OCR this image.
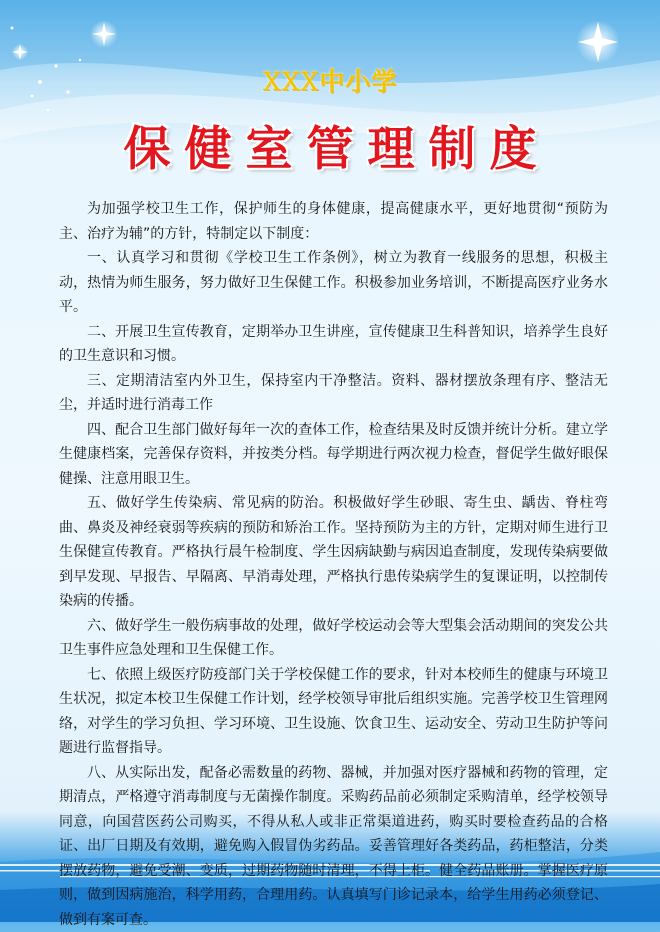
XXX中小学
保健室管理制度

为加强学校卫生工作，保护师生的身体健康，提高健康水平，更好地贯彻“预防为主、治疗为辅”的方针，特制定以下制度：

一、认真学习和贯彻《学校卫生工作条例》，树立为教育一线服务的思想，积极主动，热情为师生服务，努力做好卫生保健工作。积极参加业务培训，不断提高医疗业务水平。

二、开展卫生宣传教育，定期举办卫生讲座，宣传健康卫生科普知识，培养学生良好的卫生意识和习惯。

三、定期清洁室内外卫生，保持室内干净整洁。资料、器材摆放条理有序、整洁无尘，并适时进行消毒工作

四、配合卫生部门做好每年一次的查体工作，检查结果及时反馈并统计分析。建立学生健康档案，完善保存资料，并按类分档。每学期进行两次视力检查，督促学生做好眼保健操、注意用眼卫生。

五、做好学生传染病、常见病的防治。积极做好学生砂眼、寄生虫、龋齿、脊柱弯曲、鼻炎及神经衰弱等疾病的预防和矫治工作。坚持预防为主的方针，定期对师生进行卫生保健宣传教育。严格执行晨午检制度、学生因病缺勤与病因追查制度，发现传染病要做到早发现、早报告、早隔离、早消毒处理，严格执行患传染病学生的复课证明，以控制传染病的传播。

六、做好学生一般伤病事故的处理，做好学校运动会等大型集会活动期间的突发公共卫生事件应急处理和卫生保健工作。

七、依照上级医疗防疫部门关于学校保健工作的要求，针对本校师生的健康与环境卫生状况，拟定本校卫生保健工作计划，经学校领导审批后组织实施。完善学校卫生管理网络，对学生的学习负担、学习环境、卫生设施、饮食卫生、运动安全、劳动卫生防护等问题进行监督指导。

八、从实际出发，配备必需数量的药物、器械，并加强对医疗器械和药物的管理，定期清点，严格遵守消毒制度与无菌操作制度。采购药品前必须制定采购清单，经学校领导同意，向国营医药公司购买，不得从私人或非正常渠道进药，购买时要检查药品的合格证、出厂日期及有效期，避免购入假冒伪劣药品。妥善管理好各类药品，药柜整洁，分类摆放药物，避免受潮、变质，过期药物随时清理，不得上柜。健全药品账册。掌握医疗原则，做到因病施治，科学用药，合理用药。认真填写门诊记录本，给学生用药必须登记、做到有案可查。
